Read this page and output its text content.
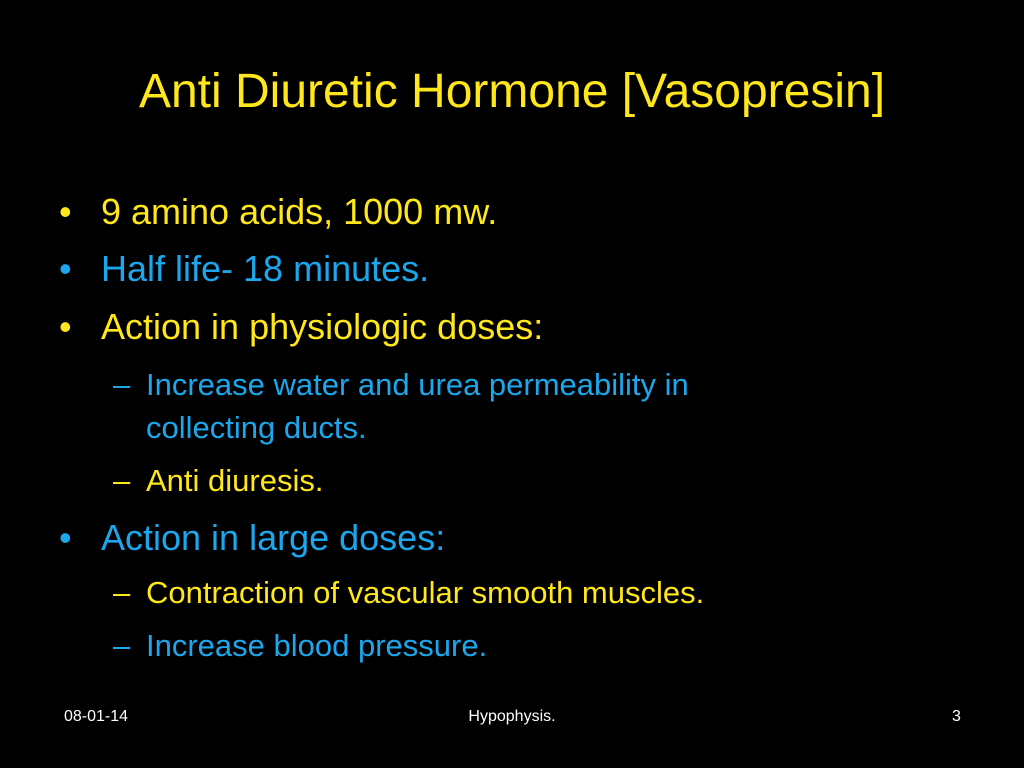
Anti Diuretic Hormone [Vasopresin]
• 9 amino acids, 1000 mw.
• Half life- 18 minutes.
• Action in physiologic doses:
– Increase water and urea permeability in
collecting ducts.
– Anti diuresis.
• Action in large doses:
– Contraction of vascular smooth muscles.
– Increase blood pressure.
08-01-14	Hypophysis.	3
